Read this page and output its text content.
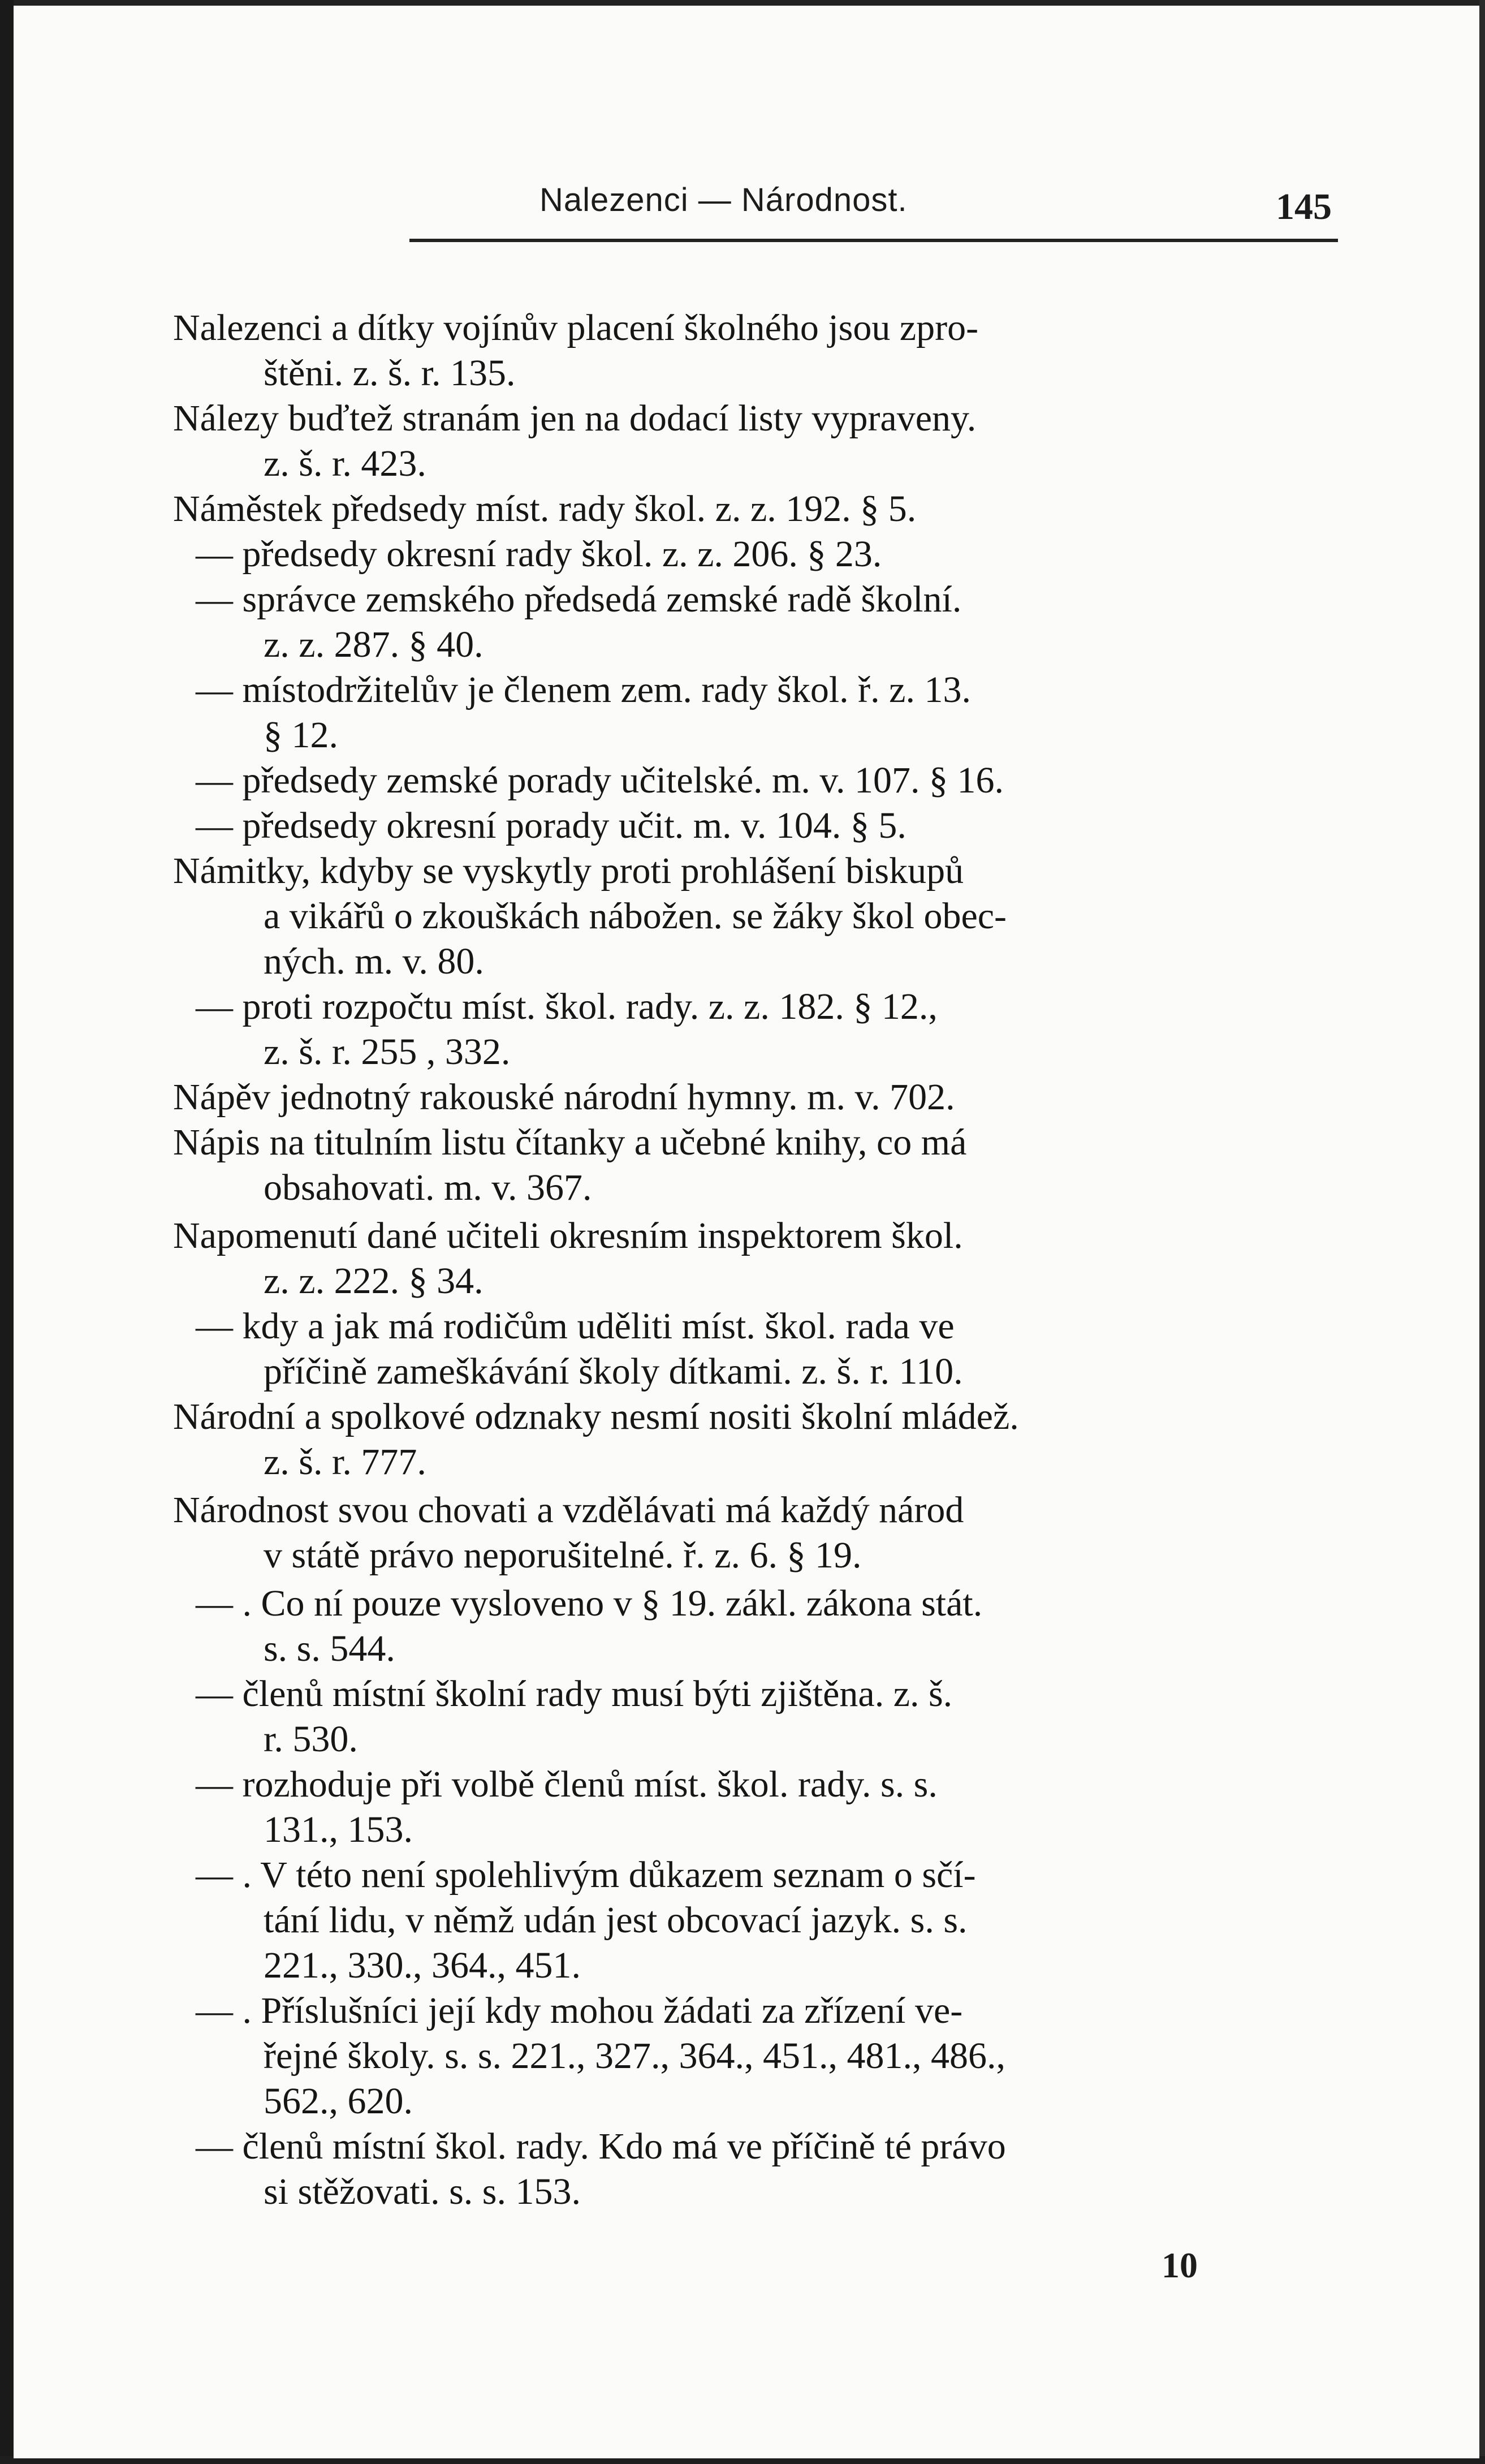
Nalezenci — Národnost.	145
Nalezenci a dítky vojínův placení školného jsou zpro-
štěni. z. š. r. 135.
Nálezy buďtež stranám jen na dodací listy vypraveny.
z. š. r. 423.
Náměstek předsedy míst. rady škol. z. z. 192. § 5.
— předsedy okresní rady škol. z. z. 206. § 23.
— správce zemského předsedá zemské radě školní.
z. z. 287. § 40.
— místodržitelův je členem zem. rady škol. ř. z. 13.
§ 12.
— předsedy zemské porady učitelské. m. v. 107. § 16.
— předsedy okresní porady učit. m. v. 104. § 5.
Námitky, kdyby se vyskytly proti prohlášení biskupů
a vikářů o zkouškách nábožen. se žáky škol obec-
ných. m. v. 80.
— proti rozpočtu míst. škol. rady. z. z. 182. § 12.,
z. š. r. 255 , 332.
Nápěv jednotný rakouské národní hymny. m. v. 702.
Nápis na titulním listu čítanky a učebné knihy, co má
obsahovati. m. v. 367.
Napomenutí dané učiteli okresním inspektorem škol.
z. z. 222. § 34.
— kdy a jak má rodičům uděliti míst. škol. rada ve
příčině zameškávání školy dítkami. z. š. r. 110.
Národní a spolkové odznaky nesmí nositi školní mládež.
z. š. r. 777.
Národnost svou chovati a vzdělávati má každý národ
v státě právo neporušitelné. ř. z. 6. § 19.
— . Co ní pouze vysloveno v § 19. zákl. zákona stát.
s. s. 544.
— členů místní školní rady musí býti zjištěna. z. š.
r. 530.
— rozhoduje při volbě členů míst. škol. rady. s. s.
131., 153.
— . V této není spolehlivým důkazem seznam o sčí-
tání lidu, v němž udán jest obcovací jazyk. s. s.
221., 330., 364., 451.
— . Příslušníci její kdy mohou žádati za zřízení ve-
řejné školy. s. s. 221., 327., 364., 451., 481., 486.,
562., 620.
— členů místní škol. rady. Kdo má ve příčině té právo
si stěžovati. s. s. 153.
10
